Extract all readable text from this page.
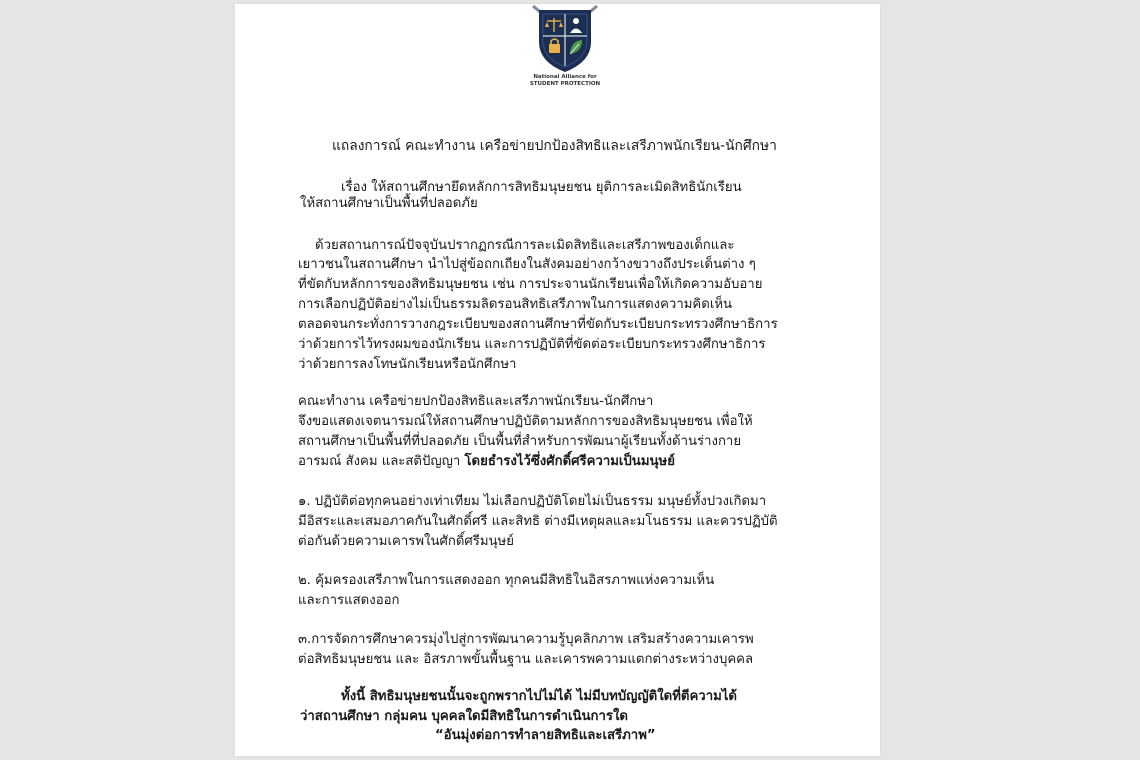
National Alliance for
STUDENT PROTECTION
แถลงการณ์ คณะทำงาน เครือข่ายปกป้องสิทธิและเสรีภาพนักเรียน-นักศึกษา
เรื่อง ให้สถานศึกษายึดหลักการสิทธิมนุษยชน ยุติการละเมิดสิทธินักเรียน
ให้สถานศึกษาเป็นพื้นที่ปลอดภัย
ด้วยสถานการณ์ปัจจุบันปรากฏกรณีการละเมิดสิทธิและเสรีภาพของเด็กและ
เยาวชนในสถานศึกษา นำไปสู่ข้อถกเถียงในสังคมอย่างกว้างขวางถึงประเด็นต่าง ๆ
ที่ขัดกับหลักการของสิทธิมนุษยชน เช่น การประจานนักเรียนเพื่อให้เกิดความอับอาย
การเลือกปฏิบัติอย่างไม่เป็นธรรมลิดรอนสิทธิเสรีภาพในการแสดงความคิดเห็น
ตลอดจนกระทั่งการวางกฎระเบียบของสถานศึกษาที่ขัดกับระเบียบกระทรวงศึกษาธิการ
ว่าด้วยการไว้ทรงผมของนักเรียน และการปฏิบัติที่ขัดต่อระเบียบกระทรวงศึกษาธิการ
ว่าด้วยการลงโทษนักเรียนหรือนักศึกษา
คณะทำงาน เครือข่ายปกป้องสิทธิและเสรีภาพนักเรียน-นักศึกษา
จึงขอแสดงเจตนารมณ์ให้สถานศึกษาปฏิบัติตามหลักการของสิทธิมนุษยชน เพื่อให้
สถานศึกษาเป็นพื้นที่ที่ปลอดภัย เป็นพื้นที่สำหรับการพัฒนาผู้เรียนทั้งด้านร่างกาย
อารมณ์ สังคม และสติปัญญา โดยธำรงไว้ซึ่งศักดิ์ศรีความเป็นมนุษย์
๑. ปฏิบัติต่อทุกคนอย่างเท่าเทียม ไม่เลือกปฏิบัติโดยไม่เป็นธรรม มนุษย์ทั้งปวงเกิดมา
มีอิสระและเสมอภาคกันในศักดิ์ศรี และสิทธิ ต่างมีเหตุผลและมโนธรรม และควรปฏิบัติ
ต่อกันด้วยความเคารพในศักดิ์ศรีมนุษย์
๒. คุ้มครองเสรีภาพในการแสดงออก ทุกคนมีสิทธิในอิสรภาพแห่งความเห็น
และการแสดงออก
๓.การจัดการศึกษาควรมุ่งไปสู่การพัฒนาความรู้บุคลิกภาพ เสริมสร้างความเคารพ
ต่อสิทธิมนุษยชน และ อิสรภาพขั้นพื้นฐาน และเคารพความแตกต่างระหว่างบุคคล
ทั้งนี้ สิทธิมนุษยชนนั้นจะถูกพรากไปไม่ได้ ไม่มีบทบัญญัติใดที่ตีความได้
ว่าสถานศึกษา กลุ่มคน บุคคลใดมีสิทธิในการดำเนินการใด
“อันมุ่งต่อการทำลายสิทธิและเสรีภาพ”
